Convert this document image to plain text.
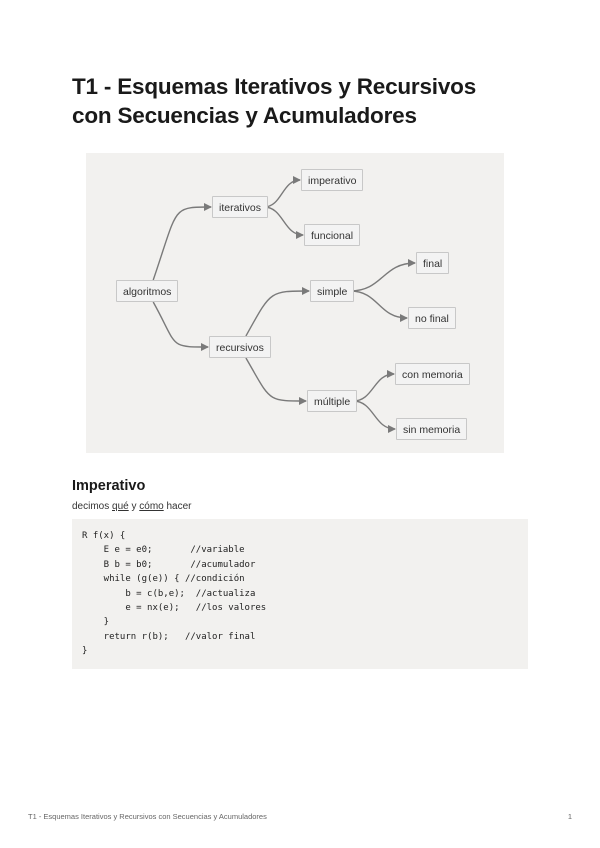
T1 - Esquemas Iterativos y Recursivos
con Secuencias y Acumuladores
algoritmos
iterativos
recursivos
imperativo
funcional
simple
múltiple
final
no final
con memoria
sin memoria
Imperativo
decimos qué y cómo hacer
R f(x) {
E e = e0;       //variable
B b = b0;       //acumulador
while (g(e)) { //condición
b = c(b,e);  //actualiza
e = nx(e);   //los valores
}
return r(b);   //valor final
}
T1 - Esquemas Iterativos y Recursivos con Secuencias y Acumuladores	1
